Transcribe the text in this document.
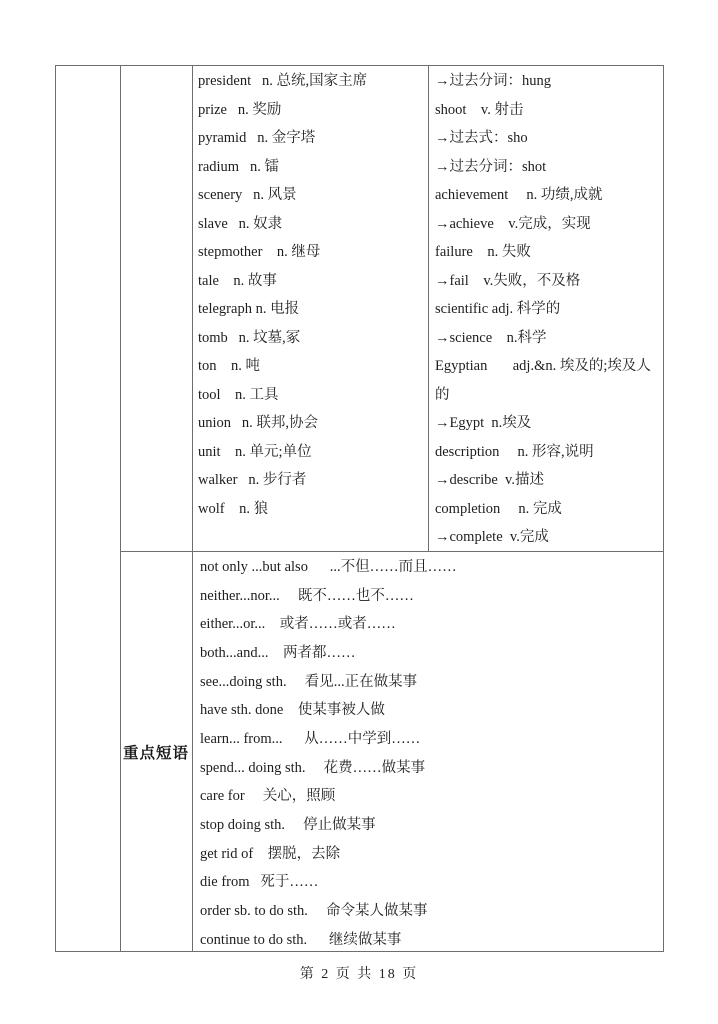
president   n. 总统,国家主席
prize   n. 奖励
pyramid   n. 金字塔
radium   n. 镭
scenery   n. 风景
slave   n. 奴隶
stepmother    n. 继母
tale    n. 故事
telegraph n. 电报
tomb   n. 坟墓,冢
ton    n. 吨
tool    n. 工具
union   n. 联邦,协会
unit    n. 单元;单位
walker   n. 步行者
wolf    n. 狼
→过去分词：hung
shoot    v. 射击
→过去式：sho
→过去分词：shot
achievement     n. 功绩,成就
→achieve    v.完成，实现
failure    n. 失败
→fail    v.失败，不及格
scientific adj. 科学的
→science    n.科学
Egyptian       adj.&n. 埃及的;埃及人的
→Egypt  n.埃及
description     n. 形容,说明
→describe  v.描述
completion     n. 完成
→complete  v.完成
重点短语
not only ...but also      ...不但……而且……
neither...nor...     既不……也不……
either...or...    或者……或者……
both...and...    两者都……
see...doing sth.     看见...正在做某事
have sth. done    使某事被人做
learn... from...      从……中学到……
spend... doing sth.     花费……做某事
care for     关心，照顾
stop doing sth.     停止做某事
get rid of    摆脱，去除
die from   死于……
order sb. to do sth.     命令某人做某事
continue to do sth.      继续做某事
第 2 页 共 18 页
